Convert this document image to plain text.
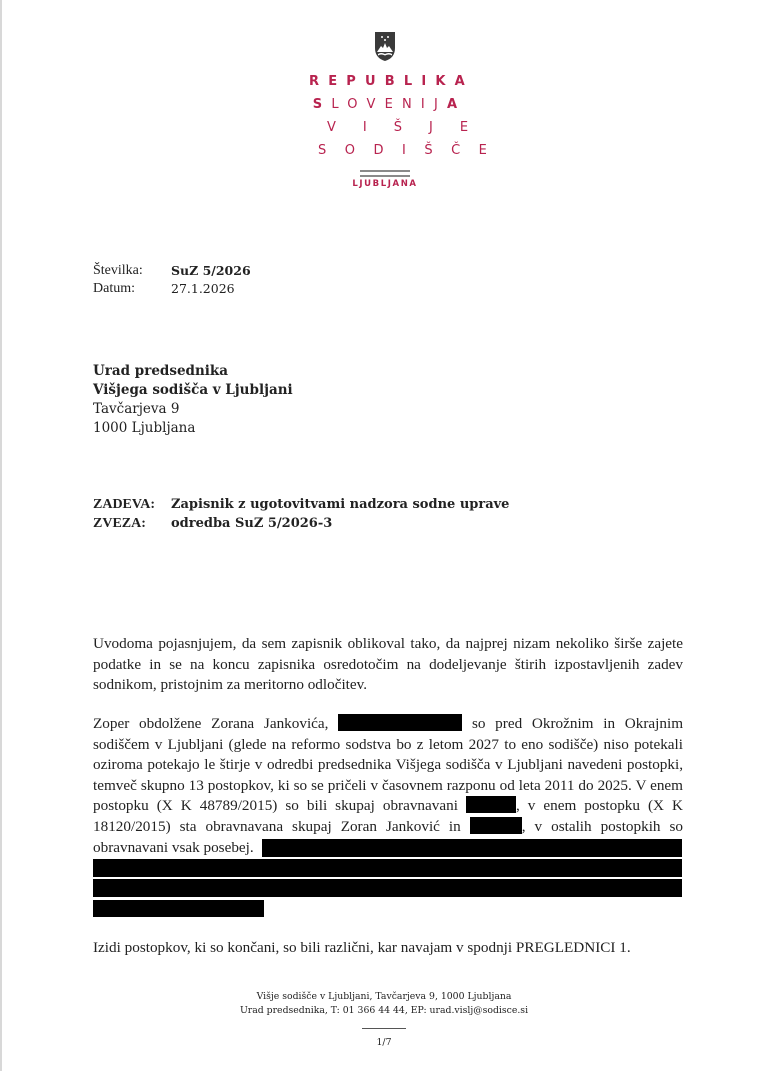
REPUBLIKA
SLOVENIJA
VIŠJE
SODIŠČE
LJUBLJANA
Številka:	SuZ 5/2026
Datum:	27.1.2026
Urad predsednika
Višjega sodišča v Ljubljani
Tavčarjeva 9
1000 Ljubljana
ZADEVA:	Zapisnik z ugotovitvami nadzora sodne uprave
ZVEZA:	odredba SuZ 5/2026-3
Uvodoma pojasnjujem, da sem zapisnik oblikoval tako, da najprej nizam nekoliko širše zajete
podatke in se na koncu zapisnika osredotočim na dodeljevanje štirih izpostavljenih zadev
sodnikom, pristojnim za meritorno odločitev.
Zoper obdolžene Zorana Jankovića,	so pred Okrožnim in Okrajnim
sodiščem v Ljubljani (glede na reformo sodstva bo z letom 2027 to eno sodišče) niso potekali
oziroma potekajo le štirje v odredbi predsednika Višjega sodišča v Ljubljani navedeni postopki,
temveč skupno 13 postopkov, ki so se pričeli v časovnem razponu od leta 2011 do 2025. V enem
postopku (X K 48789/2015) so bili skupaj obravnavani	, v enem postopku (X K
18120/2015) sta obravnavana skupaj Zoran Janković in	, v ostalih postopkih so
obravnavani vsak posebej.
Izidi postopkov, ki so končani, so bili različni, kar navajam v spodnji PREGLEDNICI 1.
Višje sodišče v Ljubljani, Tavčarjeva 9, 1000 Ljubljana
Urad predsednika, T: 01 366 44 44, EP: urad.vislj@sodisce.si
1/7
